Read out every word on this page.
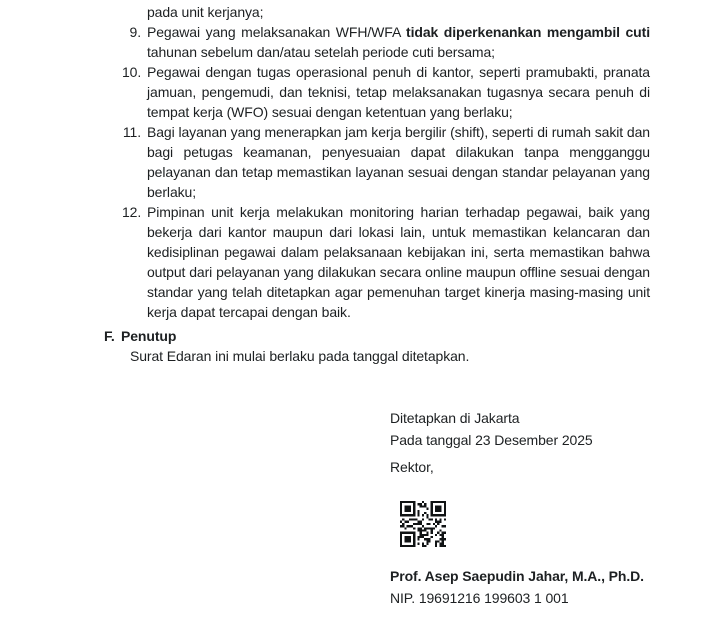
pada unit kerjanya;
9. Pegawai yang melaksanakan WFH/WFA tidak diperkenankan mengambil cuti tahunan sebelum dan/atau setelah periode cuti bersama;
10. Pegawai dengan tugas operasional penuh di kantor, seperti pramubakti, pranata jamuan, pengemudi, dan teknisi, tetap melaksanakan tugasnya secara penuh di tempat kerja (WFO) sesuai dengan ketentuan yang berlaku;
11. Bagi layanan yang menerapkan jam kerja bergilir (shift), seperti di rumah sakit dan bagi petugas keamanan, penyesuaian dapat dilakukan tanpa mengganggu pelayanan dan tetap memastikan layanan sesuai dengan standar pelayanan yang berlaku;
12. Pimpinan unit kerja melakukan monitoring harian terhadap pegawai, baik yang bekerja dari kantor maupun dari lokasi lain, untuk memastikan kelancaran dan kedisiplinan pegawai dalam pelaksanaan kebijakan ini, serta memastikan bahwa output dari pelayanan yang dilakukan secara online maupun offline sesuai dengan standar yang telah ditetapkan agar pemenuhan target kinerja masing-masing unit kerja dapat tercapai dengan baik.
F. Penutup
Surat Edaran ini mulai berlaku pada tanggal ditetapkan.
Ditetapkan di Jakarta
Pada tanggal 23 Desember 2025
Rektor,
Prof. Asep Saepudin Jahar, M.A., Ph.D.
NIP. 19691216 199603 1 001
